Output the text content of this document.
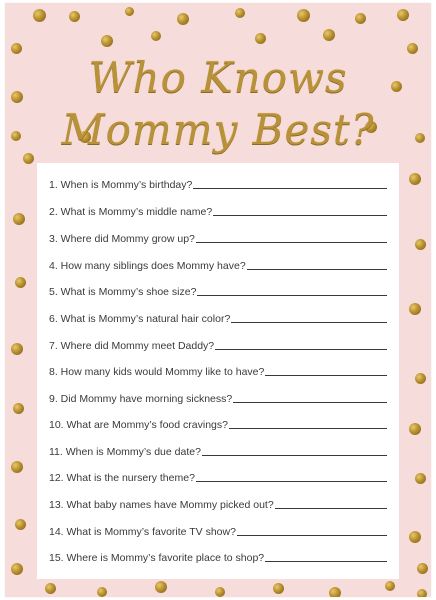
Who Knows
Mommy Best?
1. When is Mommy’s birthday?
2. What is Mommy’s middle name?
3. Where did Mommy grow up?
4. How many siblings does Mommy have?
5. What is Mommy’s shoe size?
6. What is Mommy’s natural hair color?
7. Where did Mommy meet Daddy?
8. How many kids would Mommy like to have?
9. Did Mommy have morning sickness?
10. What are Mommy’s food cravings?
11. When is Mommy’s due date?
12. What is the nursery theme?
13. What baby names have Mommy picked out?
14. What is Mommy’s favorite TV show?
15. Where is Mommy’s favorite place to shop?
